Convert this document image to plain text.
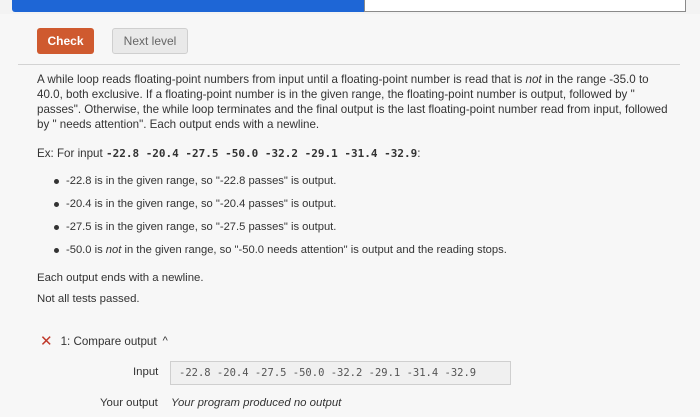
Check	Next level
A while loop reads floating-point numbers from input until a floating-point number is read that is not in the range -35.0 to 40.0, both exclusive. If a floating-point number is in the given range, the floating-point number is output, followed by " passes". Otherwise, the while loop terminates and the final output is the last floating-point number read from input, followed by " needs attention". Each output ends with a newline.
Ex: For input -22.8 -20.4 -27.5 -50.0 -32.2 -29.1 -31.4 -32.9:
-22.8 is in the given range, so "-22.8 passes" is output.
-20.4 is in the given range, so "-20.4 passes" is output.
-27.5 is in the given range, so "-27.5 passes" is output.
-50.0 is not in the given range, so "-50.0 needs attention" is output and the reading stops.
Each output ends with a newline.
Not all tests passed.
✕ 1: Compare output ^
Input	-22.8 -20.4 -27.5 -50.0 -32.2 -29.1 -31.4 -32.9
Your output Your program produced no output
